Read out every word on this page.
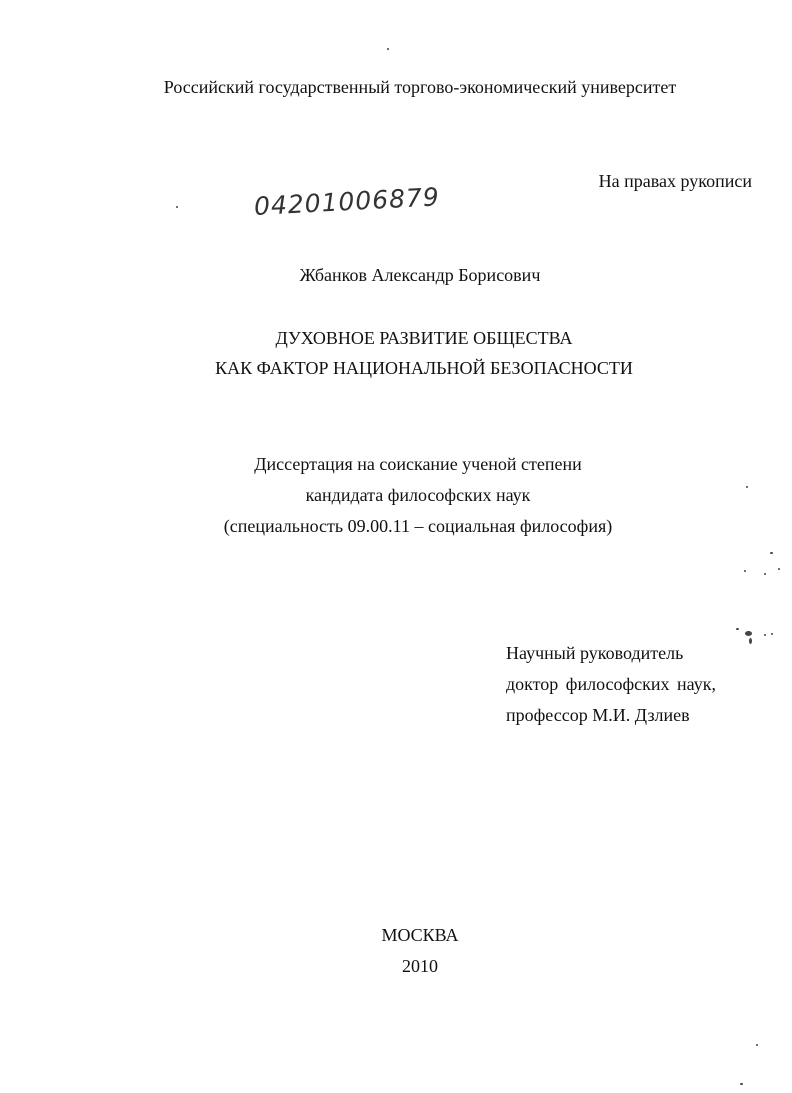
Российский государственный торгово-экономический университет
На правах рукописи
04201006879
Жбанков Александр Борисович
ДУХОВНОЕ РАЗВИТИЕ ОБЩЕСТВА
КАК ФАКТОР НАЦИОНАЛЬНОЙ БЕЗОПАСНОСТИ
Диссертация на соискание ученой степени
кандидата философских наук
(специальность 09.00.11 – социальная философия)
Научный руководитель
доктор философских наук,
профессор М.И. Дзлиев
МОСКВА
2010
